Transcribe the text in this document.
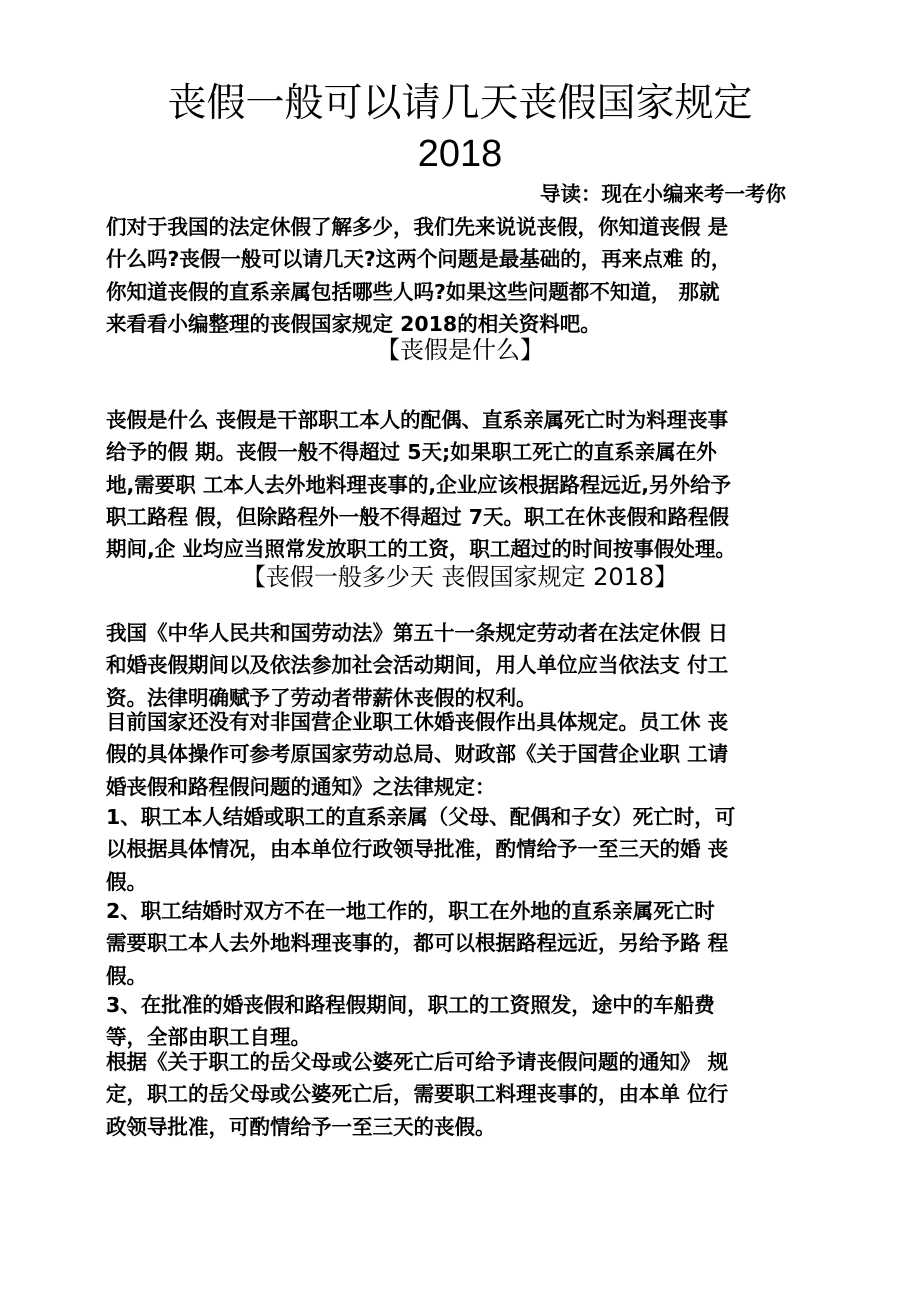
丧假一般可以请几天丧假国家规定
2018

导读：现在小编来考一考你

们对于我国的法定休假了解多少，我们先来说说丧假，你知道丧假 是
什么吗?丧假一般可以请几天?这两个问题是最基础的，再来点难 的，
你知道丧假的直系亲属包括哪些人吗?如果这些问题都不知道， 那就
来看看小编整理的丧假国家规定 2018的相关资料吧。
【丧假是什么】
丧假是什么 丧假是干部职工本人的配偶、直系亲属死亡时为料理丧事
给予的假 期。丧假一般不得超过 5天;如果职工死亡的直系亲属在外
地,需要职 工本人去外地料理丧事的,企业应该根据路程远近,另外给予
职工路程 假，但除路程外一般不得超过 7天。职工在休丧假和路程假
期间,企 业均应当照常发放职工的工资，职工超过的时间按事假处理。
【丧假一般多少天 丧假国家规定 2018】
我国《中华人民共和国劳动法》第五十一条规定劳动者在法定休假 日
和婚丧假期间以及依法参加社会活动期间，用人单位应当依法支 付工
资。法律明确赋予了劳动者带薪休丧假的权利。
目前国家还没有对非国营企业职工休婚丧假作出具体规定。员工休 丧
假的具体操作可参考原国家劳动总局、财政部《关于国营企业职 工请
婚丧假和路程假问题的通知》之法律规定：
1、职工本人结婚或职工的直系亲属（父母、配偶和子女）死亡时，可
以根据具体情况，由本单位行政领导批准，酌情给予一至三天的婚 丧
假。
2、职工结婚时双方不在一地工作的，职工在外地的直系亲属死亡时
需要职工本人去外地料理丧事的，都可以根据路程远近，另给予路 程
假。
3、在批准的婚丧假和路程假期间，职工的工资照发，途中的车船费
等，全部由职工自理。
根据《关于职工的岳父母或公婆死亡后可给予请丧假问题的通知》 规
定，职工的岳父母或公婆死亡后，需要职工料理丧事的，由本单 位行
政领导批准，可酌情给予一至三天的丧假。
